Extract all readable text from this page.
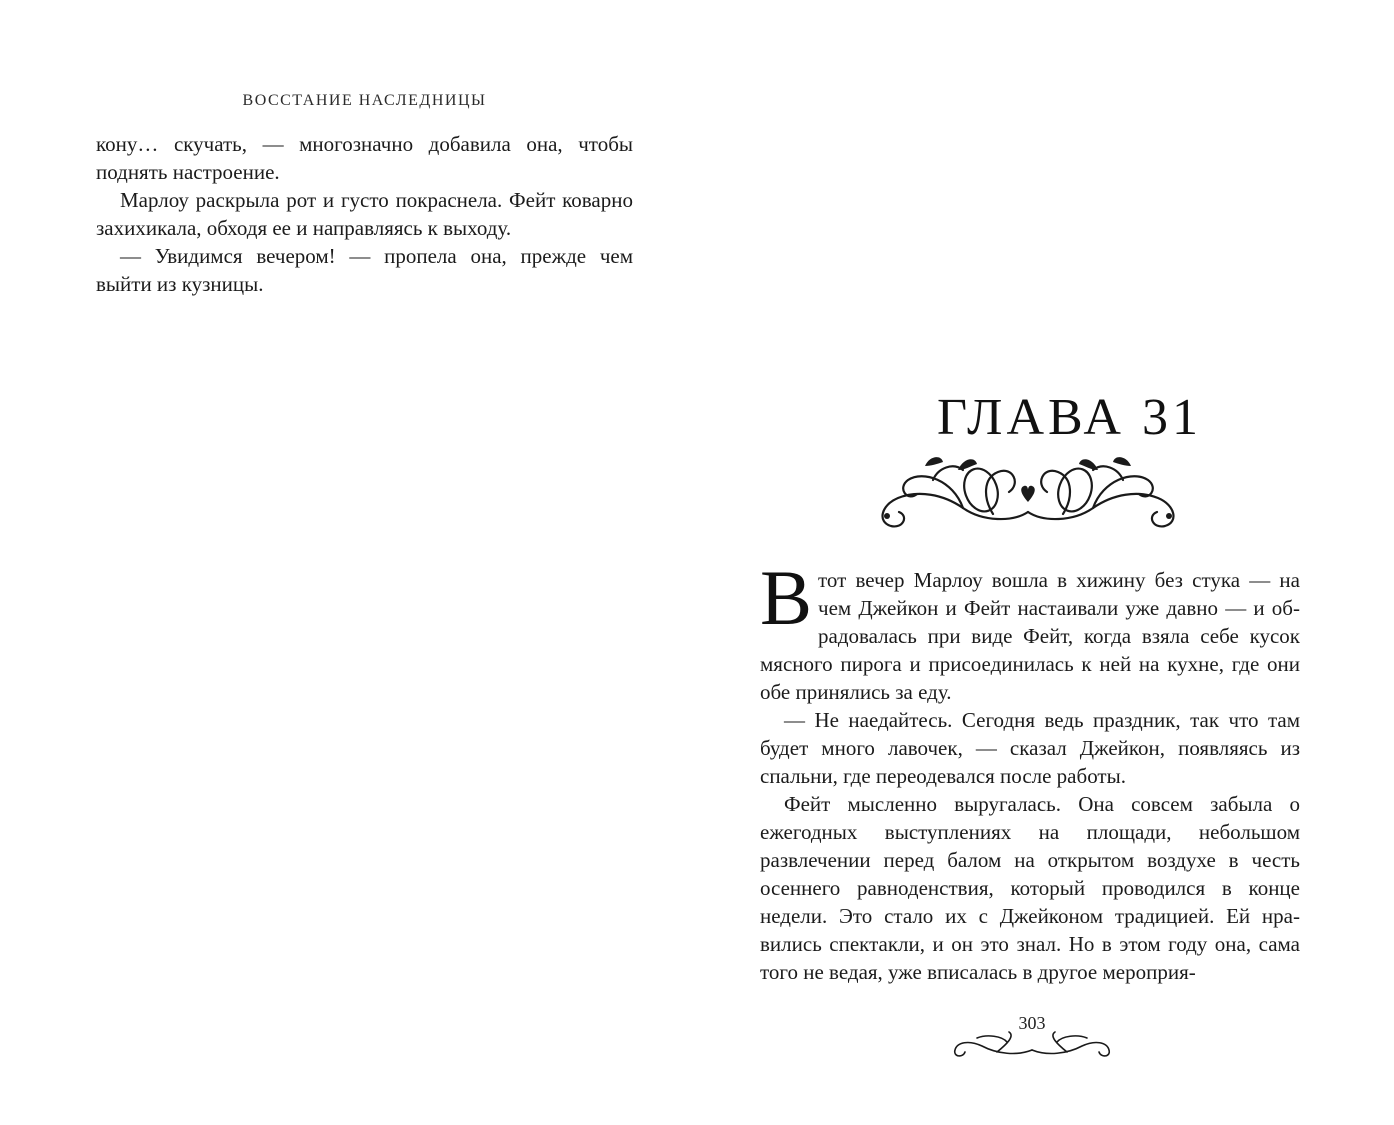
ВОССТАНИЕ НАСЛЕДНИЦЫ

кону… скучать, — многозначно добавила она, чтобы поднять настроение.

Марлоу раскрыла рот и густо покраснела. Фейт коварно захихикала, обходя ее и направляясь к выходу.

— Увидимся вечером! — пропела она, прежде чем выйти из кузницы.

ГЛАВА 31

Втот вечер Марлоу вошла в хижину без стука — на чем Джейкон и Фейт настаивали уже давно — и обрадовалась при виде Фейт, когда взяла себе кусок мясного пирога и присоединилась к ней на кухне, где они обе принялись за еду.

— Не наедайтесь. Сегодня ведь праздник, так что там будет много лавочек, — сказал Джейкон, появляясь из спальни, где переодевался после работы.

Фейт мысленно выругалась. Она совсем забыла о ежегодных выступлениях на площади, небольшом развлечении перед балом на открытом воздухе в честь осеннего равноденствия, который проводился в конце недели. Это стало их с Джейконом традицией. Ей нравились спектакли, и он это знал. Но в этом году она, сама того не ведая, уже вписалась в другое мероприя-

303
